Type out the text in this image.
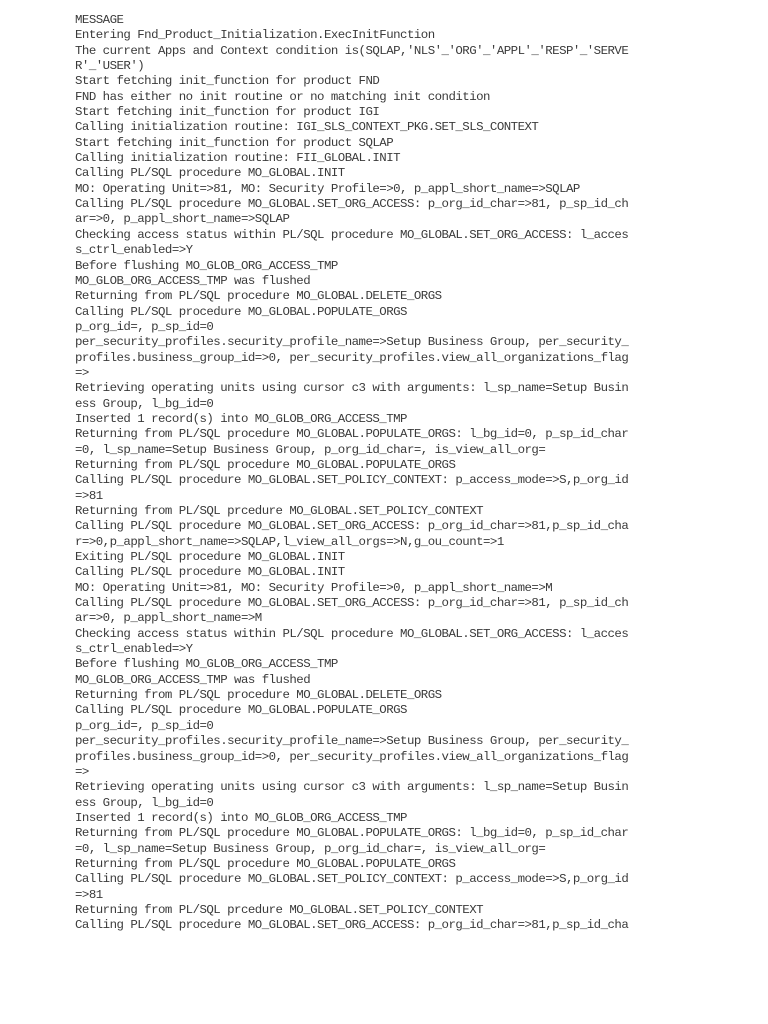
MESSAGE
Entering Fnd_Product_Initialization.ExecInitFunction
The current Apps and Context condition is(SQLAP,'NLS'_'ORG'_'APPL'_'RESP'_'SERVE
R'_'USER')
Start fetching init_function for product FND
FND has either no init routine or no matching init condition
Start fetching init_function for product IGI
Calling initialization routine: IGI_SLS_CONTEXT_PKG.SET_SLS_CONTEXT
Start fetching init_function for product SQLAP
Calling initialization routine: FII_GLOBAL.INIT
Calling PL/SQL procedure MO_GLOBAL.INIT
MO: Operating Unit=>81, MO: Security Profile=>0, p_appl_short_name=>SQLAP
Calling PL/SQL procedure MO_GLOBAL.SET_ORG_ACCESS: p_org_id_char=>81, p_sp_id_ch
ar=>0, p_appl_short_name=>SQLAP
Checking access status within PL/SQL procedure MO_GLOBAL.SET_ORG_ACCESS: l_acces
s_ctrl_enabled=>Y
Before flushing MO_GLOB_ORG_ACCESS_TMP
MO_GLOB_ORG_ACCESS_TMP was flushed
Returning from PL/SQL procedure MO_GLOBAL.DELETE_ORGS
Calling PL/SQL procedure MO_GLOBAL.POPULATE_ORGS
p_org_id=, p_sp_id=0
per_security_profiles.security_profile_name=>Setup Business Group, per_security_
profiles.business_group_id=>0, per_security_profiles.view_all_organizations_flag
=>
Retrieving operating units using cursor c3 with arguments: l_sp_name=Setup Busin
ess Group, l_bg_id=0
Inserted 1 record(s) into MO_GLOB_ORG_ACCESS_TMP
Returning from PL/SQL procedure MO_GLOBAL.POPULATE_ORGS: l_bg_id=0, p_sp_id_char
=0, l_sp_name=Setup Business Group, p_org_id_char=, is_view_all_org=
Returning from PL/SQL procedure MO_GLOBAL.POPULATE_ORGS
Calling PL/SQL procedure MO_GLOBAL.SET_POLICY_CONTEXT: p_access_mode=>S,p_org_id
=>81
Returning from PL/SQL prcedure MO_GLOBAL.SET_POLICY_CONTEXT
Calling PL/SQL procedure MO_GLOBAL.SET_ORG_ACCESS: p_org_id_char=>81,p_sp_id_cha
r=>0,p_appl_short_name=>SQLAP,l_view_all_orgs=>N,g_ou_count=>1
Exiting PL/SQL procedure MO_GLOBAL.INIT
Calling PL/SQL procedure MO_GLOBAL.INIT
MO: Operating Unit=>81, MO: Security Profile=>0, p_appl_short_name=>M
Calling PL/SQL procedure MO_GLOBAL.SET_ORG_ACCESS: p_org_id_char=>81, p_sp_id_ch
ar=>0, p_appl_short_name=>M
Checking access status within PL/SQL procedure MO_GLOBAL.SET_ORG_ACCESS: l_acces
s_ctrl_enabled=>Y
Before flushing MO_GLOB_ORG_ACCESS_TMP
MO_GLOB_ORG_ACCESS_TMP was flushed
Returning from PL/SQL procedure MO_GLOBAL.DELETE_ORGS
Calling PL/SQL procedure MO_GLOBAL.POPULATE_ORGS
p_org_id=, p_sp_id=0
per_security_profiles.security_profile_name=>Setup Business Group, per_security_
profiles.business_group_id=>0, per_security_profiles.view_all_organizations_flag
=>
Retrieving operating units using cursor c3 with arguments: l_sp_name=Setup Busin
ess Group, l_bg_id=0
Inserted 1 record(s) into MO_GLOB_ORG_ACCESS_TMP
Returning from PL/SQL procedure MO_GLOBAL.POPULATE_ORGS: l_bg_id=0, p_sp_id_char
=0, l_sp_name=Setup Business Group, p_org_id_char=, is_view_all_org=
Returning from PL/SQL procedure MO_GLOBAL.POPULATE_ORGS
Calling PL/SQL procedure MO_GLOBAL.SET_POLICY_CONTEXT: p_access_mode=>S,p_org_id
=>81
Returning from PL/SQL prcedure MO_GLOBAL.SET_POLICY_CONTEXT
Calling PL/SQL procedure MO_GLOBAL.SET_ORG_ACCESS: p_org_id_char=>81,p_sp_id_cha
